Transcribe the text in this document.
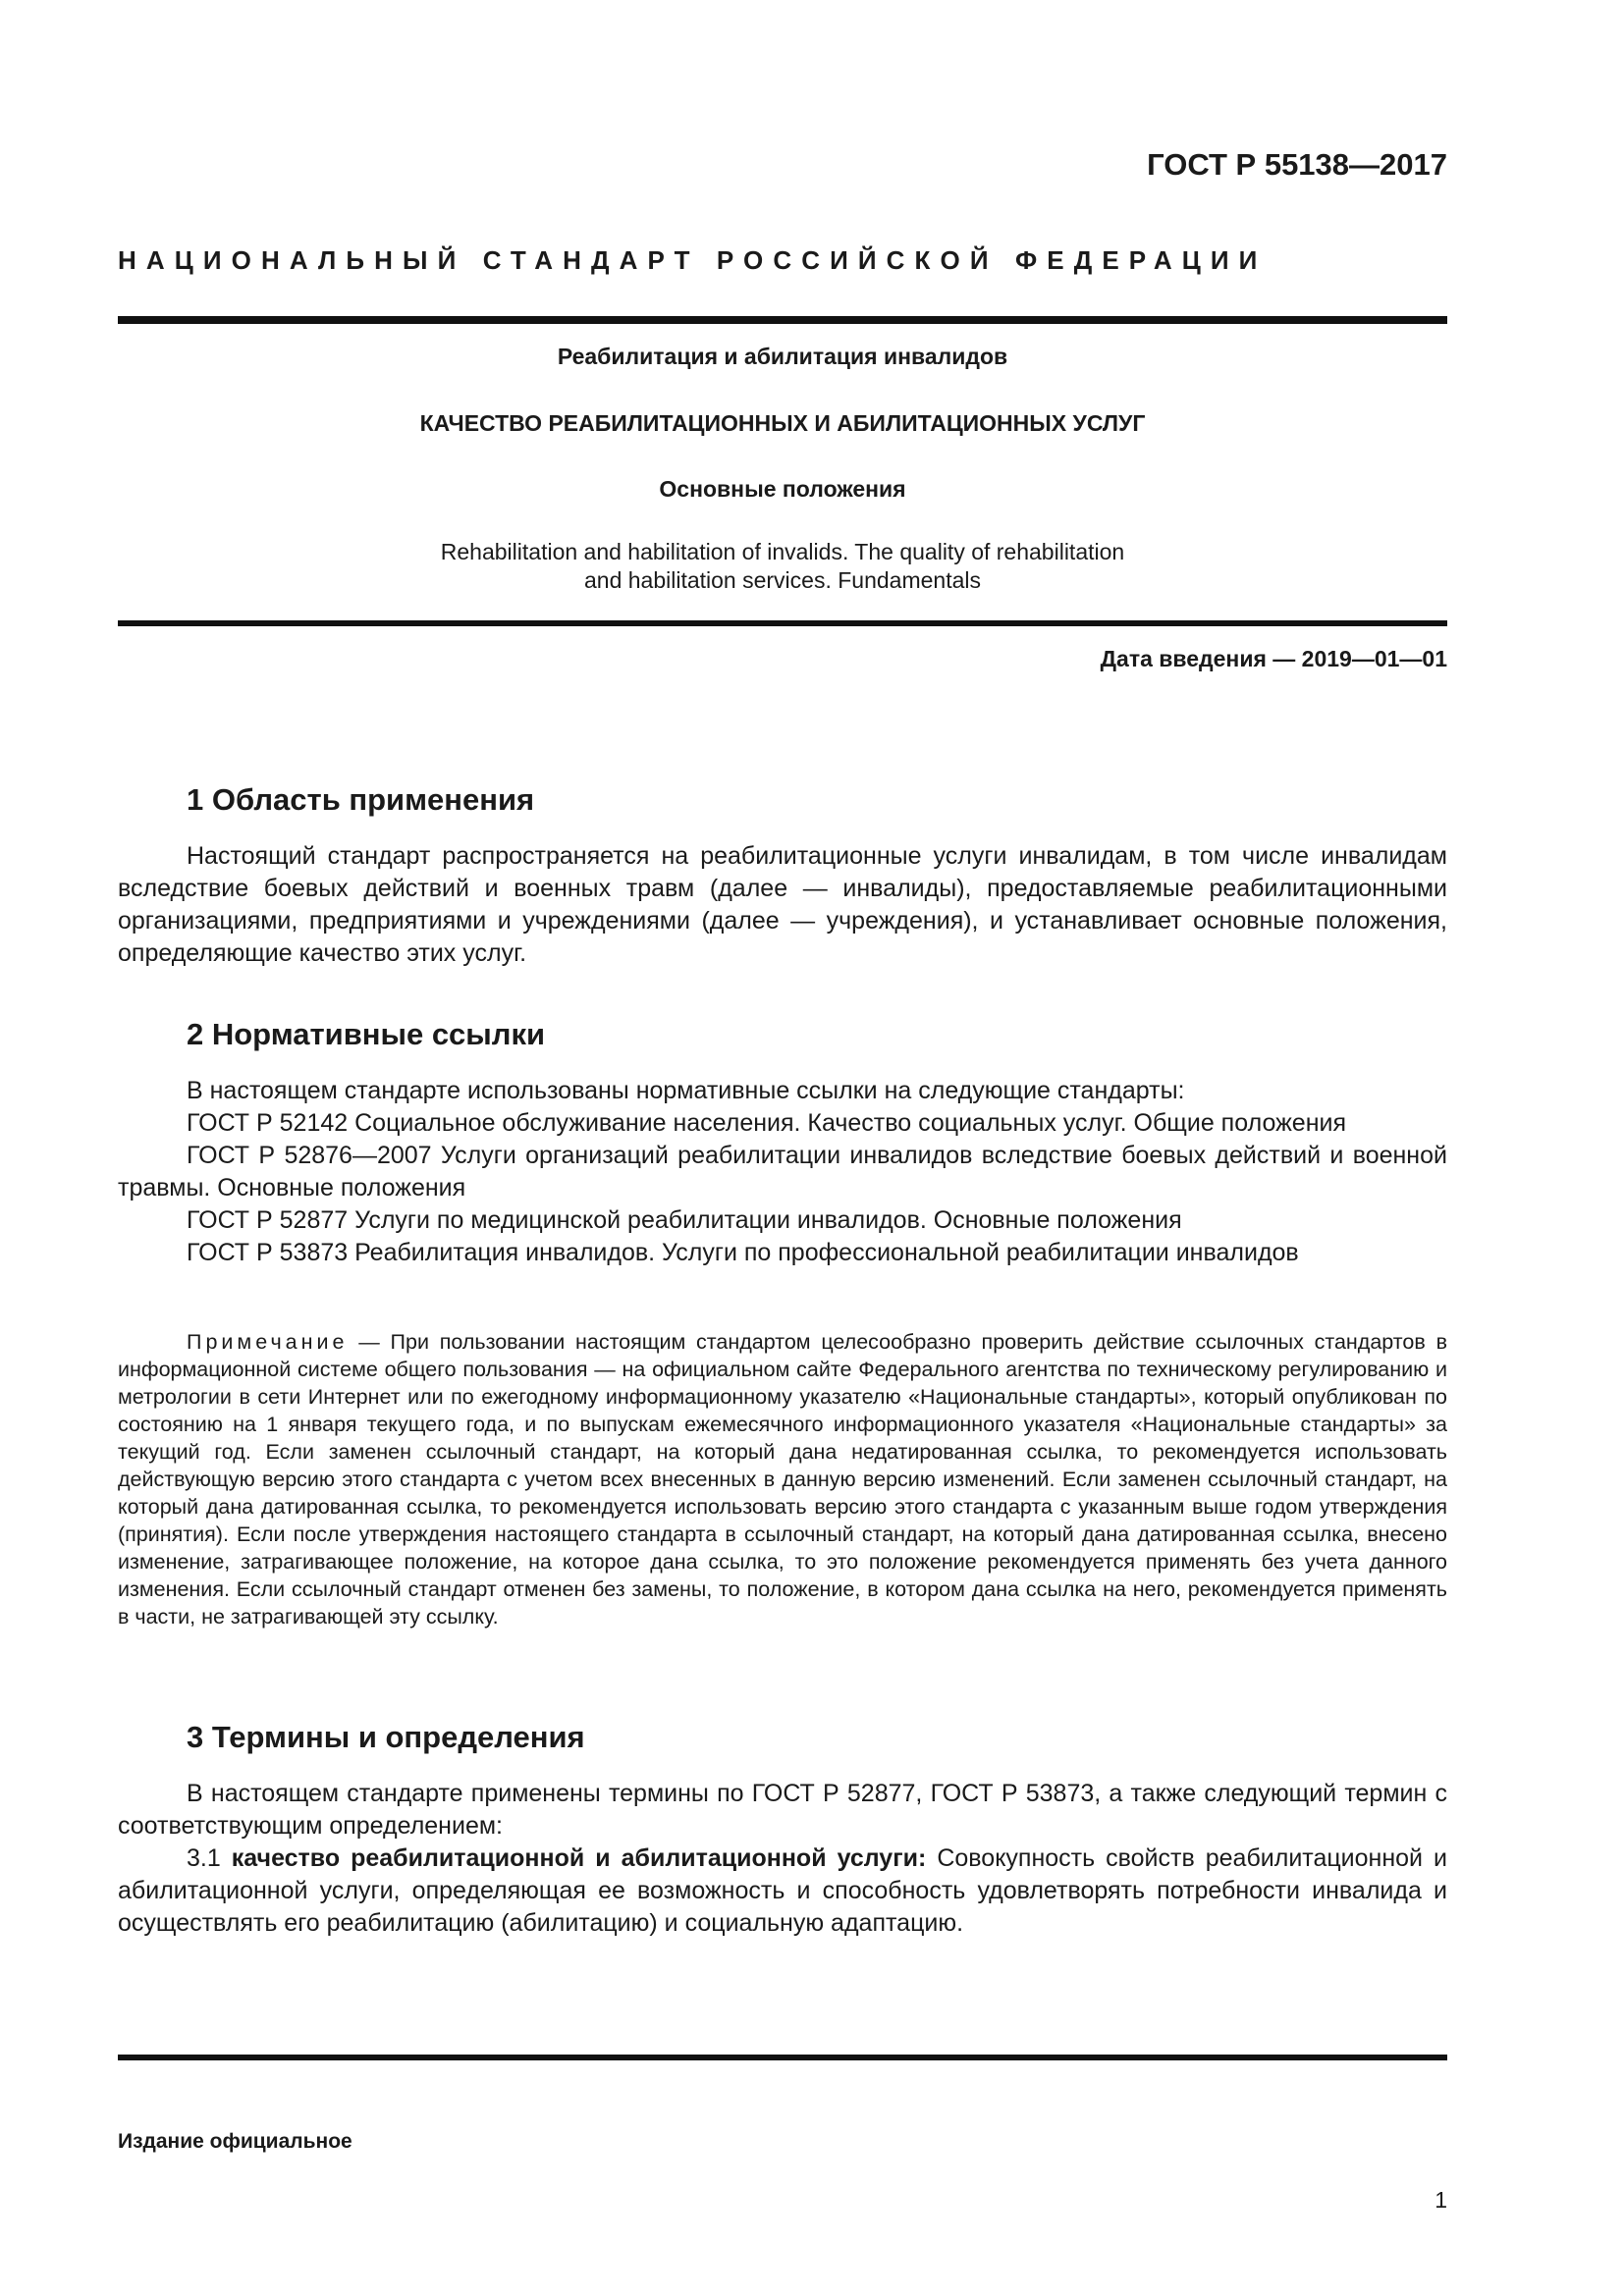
ГОСТ Р 55138—2017
НАЦИОНАЛЬНЫЙ СТАНДАРТ РОССИЙСКОЙ ФЕДЕРАЦИИ
Реабилитация и абилитация инвалидов
КАЧЕСТВО РЕАБИЛИТАЦИОННЫХ И АБИЛИТАЦИОННЫХ УСЛУГ
Основные положения
Rehabilitation and habilitation of invalids. The quality of rehabilitation
and habilitation services. Fundamentals
Дата введения — 2019—01—01
1 Область применения

Настоящий стандарт распространяется на реабилитационные услуги инвалидам, в том числе инвалидам вследствие боевых действий и военных травм (далее — инвалиды), предоставляемые реабилитационными организациями, предприятиями и учреждениями (далее — учреждения), и устанавливает основные положения, определяющие качество этих услуг.

2 Нормативные ссылки

В настоящем стандарте использованы нормативные ссылки на следующие стандарты:

ГОСТ Р 52142 Социальное обслуживание населения. Качество социальных услуг. Общие положения

ГОСТ Р 52876—2007 Услуги организаций реабилитации инвалидов вследствие боевых действий и военной травмы. Основные положения

ГОСТ Р 52877 Услуги по медицинской реабилитации инвалидов. Основные положения

ГОСТ Р 53873 Реабилитация инвалидов. Услуги по профессиональной реабилитации инвалидов

Примечание — При пользовании настоящим стандартом целесообразно проверить действие ссылочных стандартов в информационной системе общего пользования — на официальном сайте Федерального агентства по техническому регулированию и метрологии в сети Интернет или по ежегодному информационному указателю «Национальные стандарты», который опубликован по состоянию на 1 января текущего года, и по выпускам ежемесячного информационного указателя «Национальные стандарты» за текущий год. Если заменен ссылочный стандарт, на который дана недатированная ссылка, то рекомендуется использовать действующую версию этого стандарта с учетом всех внесенных в данную версию изменений. Если заменен ссылочный стандарт, на который дана датированная ссылка, то рекомендуется использовать версию этого стандарта с указанным выше годом утверждения (принятия). Если после утверждения настоящего стандарта в ссылочный стандарт, на который дана датированная ссылка, внесено изменение, затрагивающее положение, на которое дана ссылка, то это положение рекомендуется применять без учета данного изменения. Если ссылочный стандарт отменен без замены, то положение, в котором дана ссылка на него, рекомендуется применять в части, не затрагивающей эту ссылку.

3 Термины и определения

В настоящем стандарте применены термины по ГОСТ Р 52877, ГОСТ Р 53873, а также следующий термин с соответствующим определением:

3.1 качество реабилитационной и абилитационной услуги: Совокупность свойств реабилитационной и абилитационной услуги, определяющая ее возможность и способность удовлетворять потребности инвалида и осуществлять его реабилитацию (абилитацию) и социальную адаптацию.

Издание официальное
1
